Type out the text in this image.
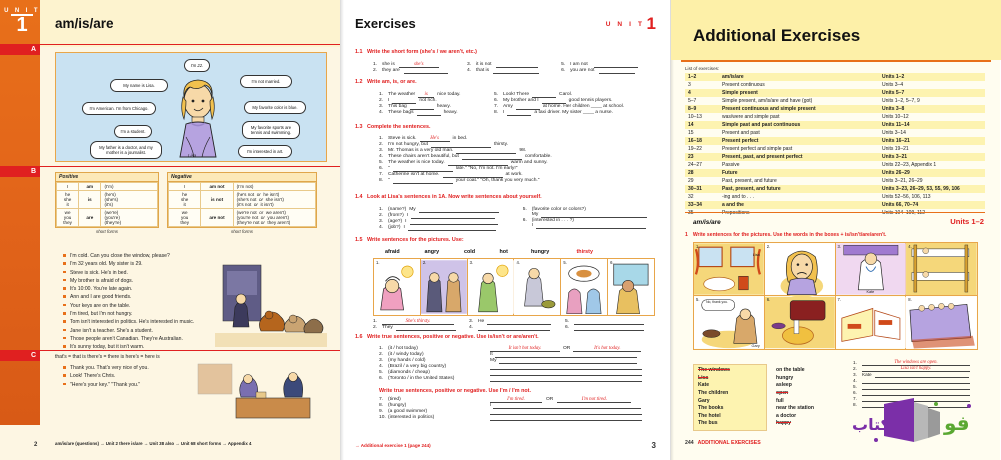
U N I T
1	am/is/are
A
My name is Lisa.
I'm 22.
I'm not married.
I'm American. I'm from Chicago.	My favorite color is blue.
I'm a student.
My favorite sports are tennis and swimming.
My father is a doctor, and my mother is a journalist.	I'm interested in art.
Lisa
B
Positive
I	am	(I'm)
he
she
it	is	(he's)
(she's)
(it's)
we
you
they	are	(we're)
(you're)
(they're)
Negative
I	am not	(I'm not)
he
she
it	is not	(he's not  or  he isn't)
(she's not  or  she isn't)
(it's not  or  it isn't)
we
you
they	are not	(we're not  or  we aren't)
(you're not  or  you aren't)
(they're not or  they aren't)
short forms	short forms
I'm cold. Can you close the window, please?
I'm 32 years old. My sister is 29.
Steve is sick. He's in bed.
My brother is afraid of dogs.
It's 10:00. You're late again.
Ann and I are good friends.
Your keys are on the table.
I'm tired, but I'm not hungry.
Tom isn't interested in politics. He's interested in music.
Jane isn't a teacher. She's a student.
Those people aren't Canadian. They're Australian.
It's sunny today, but it isn't warm.
C	that's = that is there's = there is here's = here is
Thank you. That's very nice of you.
Look! There's Chris.
"Here's your key." "Thank you."
2	am/is/are (questions) → Unit 2 there is/are → Unit 38 also → Unit 68 short forms → Appendix 4
Exercises	U N I T 1
1.1 Write the short form (she's / we aren't, etc.)
1.	she is	she's
2.	they are

3.	it is not

4.	that is

5.	I am not

6.	you are not

1.2 Write am, is, or are.
1.	The weather	is	nice today.
2.	I
	not rich.
3.	This bag
	heavy.
4.	These bags
	heavy.
5.	Look! There
	Carol.
6.	My brother and I
	good tennis players.
7.	Amy
	at home. Her children ____ at school.
8.	I
	a taxi driver. My sister ____ a nurse.
1.3 Complete the sentences.
1.	Steve is sick.	He's	in bed.
2.	I'm not hungry, but
	thirsty.
3.	Mr. Thomas is a very old man.
	98.
4.	These chairs aren't beautiful, but
	comfortable.
5.	The weather is nice today.
	warm and sunny.
6.	"
	late." "No, I'm not. I'm early!"
7.	Catherine isn't at home.
	at work.
8.	"
	your coat." "Oh, thank you very much."
1.4 Look at Lisa's sentences in 1A. Now write sentences about yourself.
1.	(name?) My

2.	(from?) I

3.	(age?) I

4.	(job?) I

5.	(favorite color or colors?)

My

6.	(interested in . . . ?)

I

1.5 Write sentences for the pictures. Use:
afraid	angry	cold	hot	hungry	thirsty
1.	2.	3.	4.	5.	6.
1.	She's thirsty.
2.	They

3.	He

4.

5.

6.

1.6 Write true sentences, positive or negative. Use is/isn't or are/aren't.
1.	(it / hot today)	It isn't hot today.	OR	It's hot today.
2.	(it / windy today)	It

3.	(my hands / cold)	My

4.	(Brazil / a very big country)

5.	(diamonds / cheap)

6.	(Toronto / in the United States)

Write true sentences, positive or negative. Use I'm / I'm not.
7.	(tired)	I'm tired.	OR	I'm not tired.
8.	(hungry)	I

9.	(a good swimmer)

10. (interested in politics)

→ Additional exercise 1 (page 244)	3
Additional Exercises
List of exercises:
1–2	am/is/are	Units 1–2
3	Present continuous	Units 3–4
4	Simple present	Units 5–7
5–7	Simple present, am/is/are and have (got)	Units 1–2, 5–7, 9
8–9	Present continuous and simple present	Units 3–8
10–13	was/were and simple past	Units 10–12
14	Simple past and past continuous	Units 11–14
15	Present and past	Units 3–14
16–18	Present perfect	Units 16–21
19–22	Present perfect and simple past	Units 19–21
23	Present, past, and present perfect	Units 3–21
24–27	Passive	Units 22–23, Appendix 1
28	Future	Units 26–29
29	Past, present, and future	Units 3–21, 26–29
30–31	Past, present, and future	Units 3–23, 26–29, 53, 55, 99, 106
32	-ing and to . . .	Units 52–56, 106, 113
33–34	a and the	Units 66, 70–74

am/is/are	Units 1–2
1 Write sentences for the pictures. Use the words in the boxes + is/isn't/are/aren't.
1.	2.
Lisa
3.
Kate
4.
5.
Gary
No, thank you.	6.	7.	8.
The windows
Lisa
Kate
The children
Gary
The books
The hotel
The bus
on the table
hungry
asleep
open
full
near the station
a doctor
happy
1.	The windows are open.
2.	Lisa isn't happy.
3.	Kate

4.

5.

6.

7.

8.

244 ADDITIONAL EXERCISES
فو
کتاب
